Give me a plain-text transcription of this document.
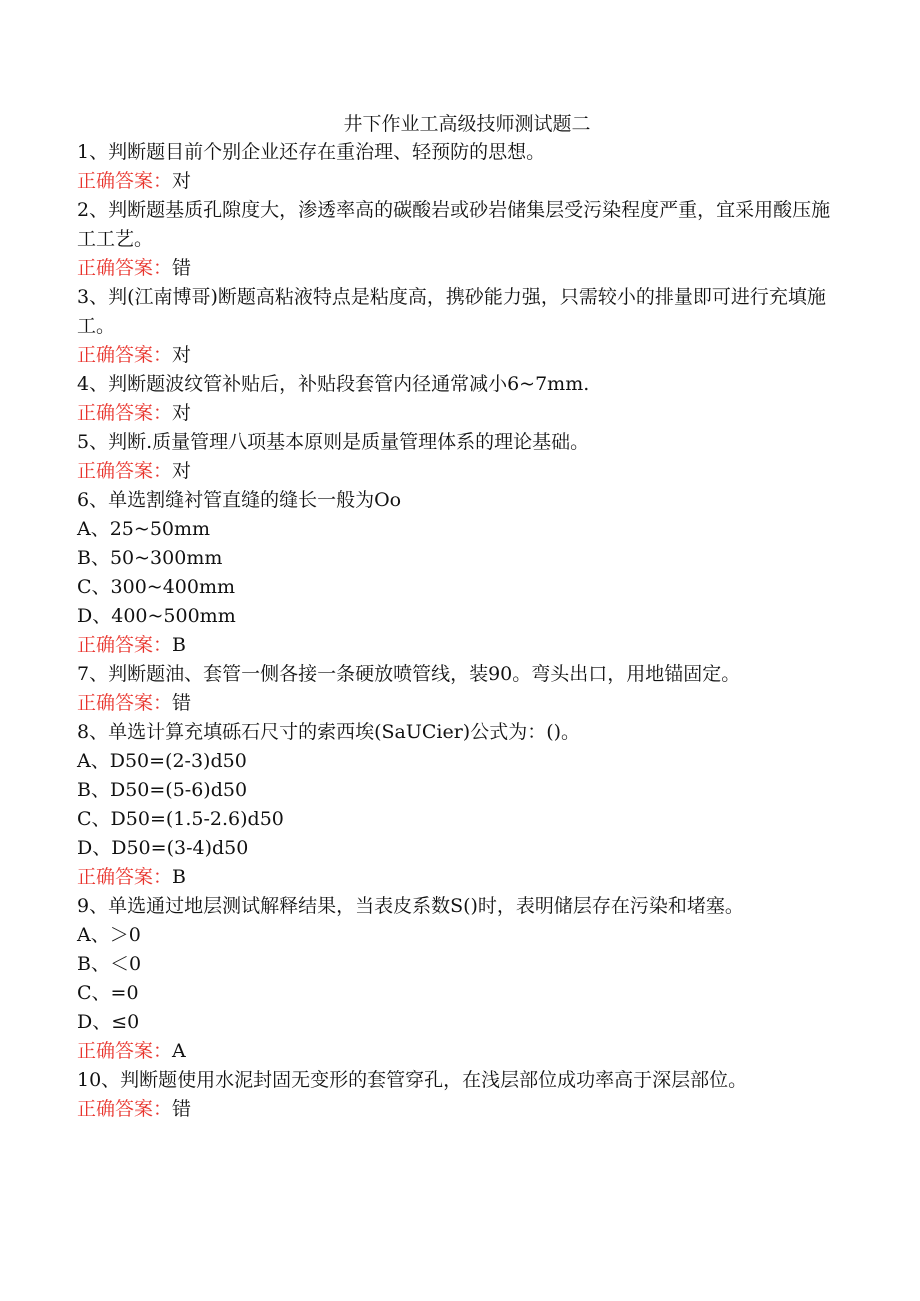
井下作业工高级技师测试题二

1、判断题目前个别企业还存在重治理、轻预防的思想。

正确答案：对

2、判断题基质孔隙度大，渗透率高的碳酸岩或砂岩储集层受污染程度严重，宜采用酸压施工工艺。

正确答案：错

3、判(江南博哥)断题高粘液特点是粘度高，携砂能力强，只需较小的排量即可进行充填施工。

正确答案：对

4、判断题波纹管补贴后，补贴段套管内径通常减小6~7mm.

正确答案：对

5、判断.质量管理八项基本原则是质量管理体系的理论基础。

正确答案：对

6、单选割缝衬管直缝的缝长一般为Oo

A、25~50mm

B、50~300mm

C、300~400mm

D、400~500mm

正确答案：B

7、判断题油、套管一侧各接一条硬放喷管线，装90。弯头出口，用地锚固定。

正确答案：错

8、单选计算充填砾石尺寸的索西埃(SaUCier)公式为：()。

A、D50=(2-3)d50

B、D50=(5-6)d50

C、D50=(1.5-2.6)d50

D、D50=(3-4)d50

正确答案：B

9、单选通过地层测试解释结果，当表皮系数S()时，表明储层存在污染和堵塞。

A、＞0

B、＜0

C、=0

D、≤0

正确答案：A

10、判断题使用水泥封固无变形的套管穿孔，在浅层部位成功率高于深层部位。

正确答案：错
